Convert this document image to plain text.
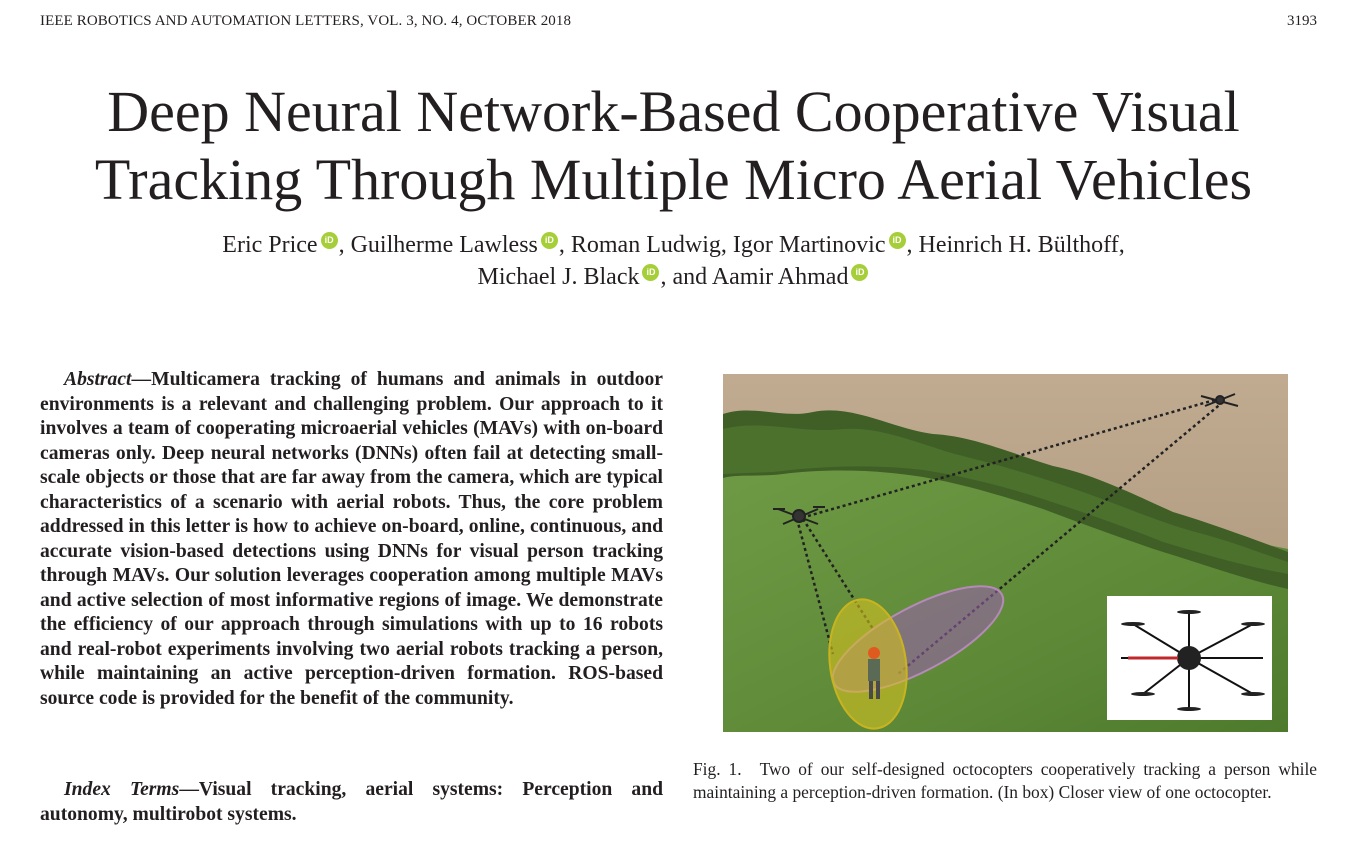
IEEE ROBOTICS AND AUTOMATION LETTERS, VOL. 3, NO. 4, OCTOBER 2018	3193
Deep Neural Network-Based Cooperative Visual
Tracking Through Multiple Micro Aerial Vehicles
Eric Price iD , Guilherme Lawless iD , Roman Ludwig, Igor Martinovic iD , Heinrich H. Bülthoff,
Michael J. Black iD , and Aamir Ahmad iD

Abstract—Multicamera tracking of humans and animals in outdoor environments is a relevant and challenging problem. Our approach to it involves a team of cooperating microaerial vehicles (MAVs) with on-board cameras only. Deep neural networks (DNNs) often fail at detecting small-scale objects or those that are far away from the camera, which are typical characteristics of a scenario with aerial robots. Thus, the core problem addressed in this letter is how to achieve on-board, online, continuous, and accurate vision-based detections using DNNs for visual person tracking through MAVs. Our solution leverages cooperation among multiple MAVs and active selection of most informative regions of image. We demonstrate the efficiency of our approach through simulations with up to 16 robots and real-robot experiments involving two aerial robots tracking a person, while maintaining an active perception-driven formation. ROS-based source code is provided for the benefit of the community.

Index Terms—Visual tracking, aerial systems: Perception and autonomy, multirobot systems.

Fig. 1. Two of our self-designed octocopters cooperatively tracking a person while maintaining a perception-driven formation. (In box) Closer view of one octocopter.
